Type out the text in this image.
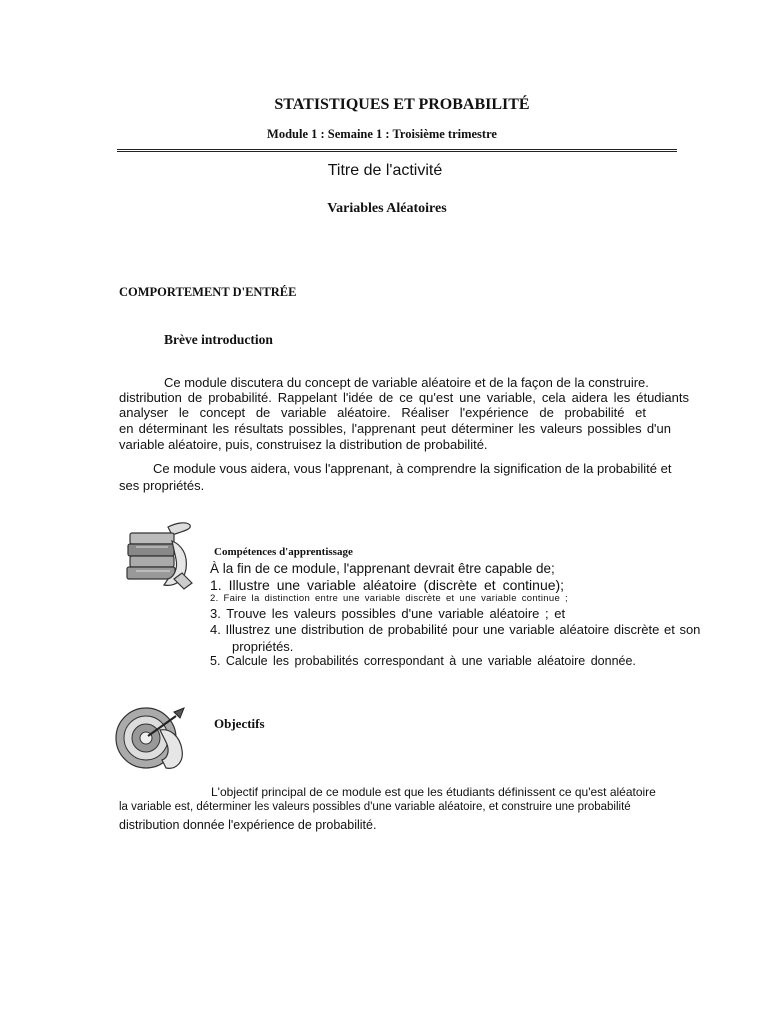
STATISTIQUES ET PROBABILITÉ
Module 1 : Semaine 1 : Troisième trimestre
Titre de l'activité
Variables Aléatoires
COMPORTEMENT D'ENTRÉE
Brève introduction
Ce module discutera du concept de variable aléatoire et de la façon de la construire.
distribution de probabilité. Rappelant l'idée de ce qu'est une variable, cela aidera les étudiants
analyser le concept de variable aléatoire. Réaliser l'expérience de probabilité et
en déterminant les résultats possibles, l'apprenant peut déterminer les valeurs possibles d'un
variable aléatoire, puis, construisez la distribution de probabilité.
Ce module vous aidera, vous l'apprenant, à comprendre la signification de la probabilité et
ses propriétés.
Compétences d'apprentissage
À la fin de ce module, l'apprenant devrait être capable de;
1. Illustre une variable aléatoire (discrète et continue);
2. Faire la distinction entre une variable discrète et une variable continue ;
3. Trouve les valeurs possibles d'une variable aléatoire ; et
4. Illustrez une distribution de probabilité pour une variable aléatoire discrète et son
propriétés.
5. Calcule les probabilités correspondant à une variable aléatoire donnée.
Objectifs
L'objectif principal de ce module est que les étudiants définissent ce qu'est aléatoire
la variable est, déterminer les valeurs possibles d'une variable aléatoire, et construire une probabilité
distribution donnée l'expérience de probabilité.
